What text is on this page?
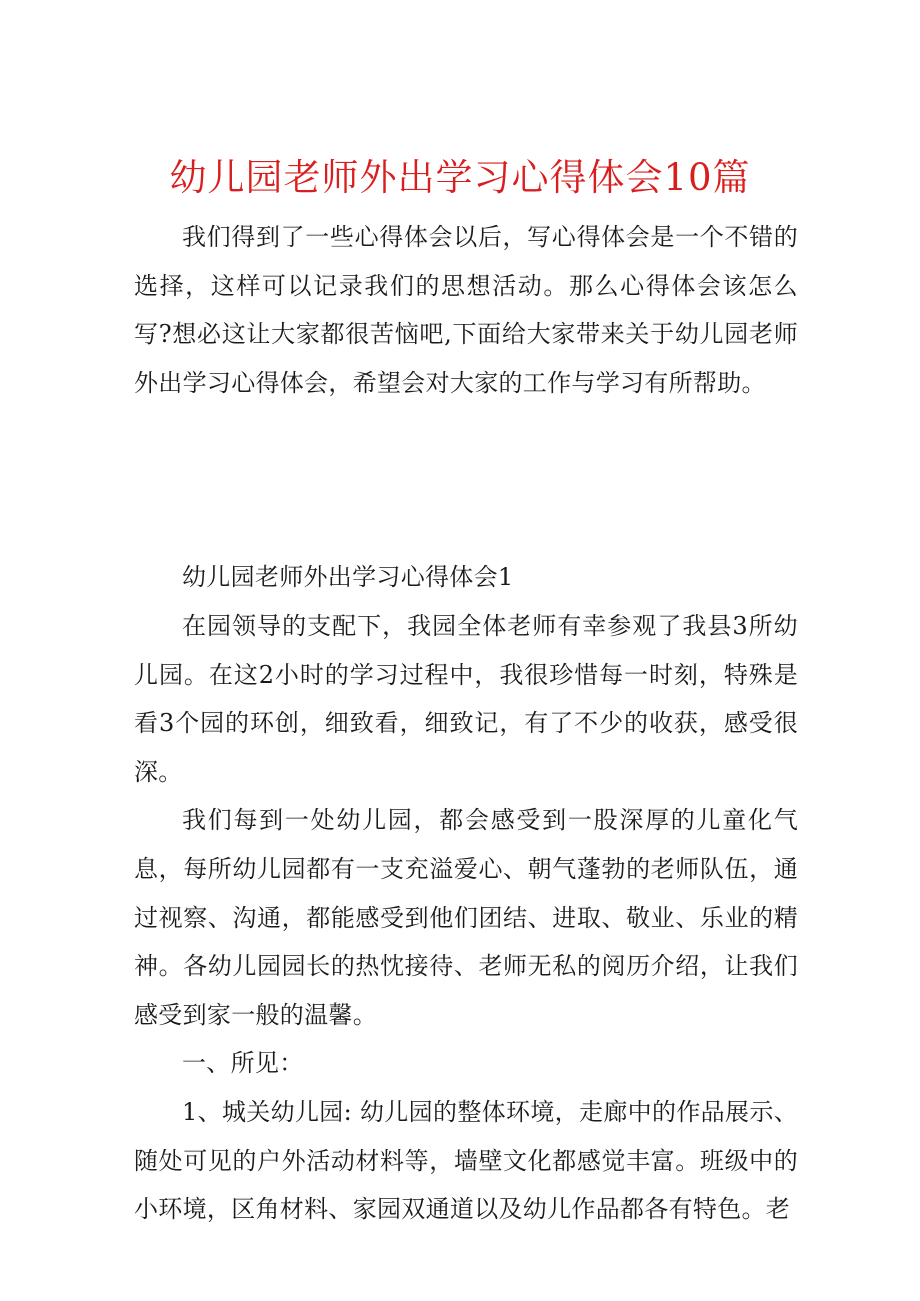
幼儿园老师外出学习心得体会10篇

我们得到了一些心得体会以后，写心得体会是一个不错的选择，这样可以记录我们的思想活动。那么心得体会该怎么写?想必这让大家都很苦恼吧,下面给大家带来关于幼儿园老师外出学习心得体会，希望会对大家的工作与学习有所帮助。

幼儿园老师外出学习心得体会1

在园领导的支配下，我园全体老师有幸参观了我县3所幼儿园。在这2小时的学习过程中，我很珍惜每一时刻，特殊是看3个园的环创，细致看，细致记，有了不少的收获，感受很深。

我们每到一处幼儿园，都会感受到一股深厚的儿童化气息，每所幼儿园都有一支充溢爱心、朝气蓬勃的老师队伍，通过视察、沟通，都能感受到他们团结、进取、敬业、乐业的精神。各幼儿园园长的热忱接待、老师无私的阅历介绍，让我们感受到家一般的温馨。

一、所见：

1、城关幼儿园: 幼儿园的整体环境，走廊中的作品展示、随处可见的户外活动材料等，墙壁文化都感觉丰富。班级中的小环境，区角材料、家园双通道以及幼儿作品都各有特色。老
